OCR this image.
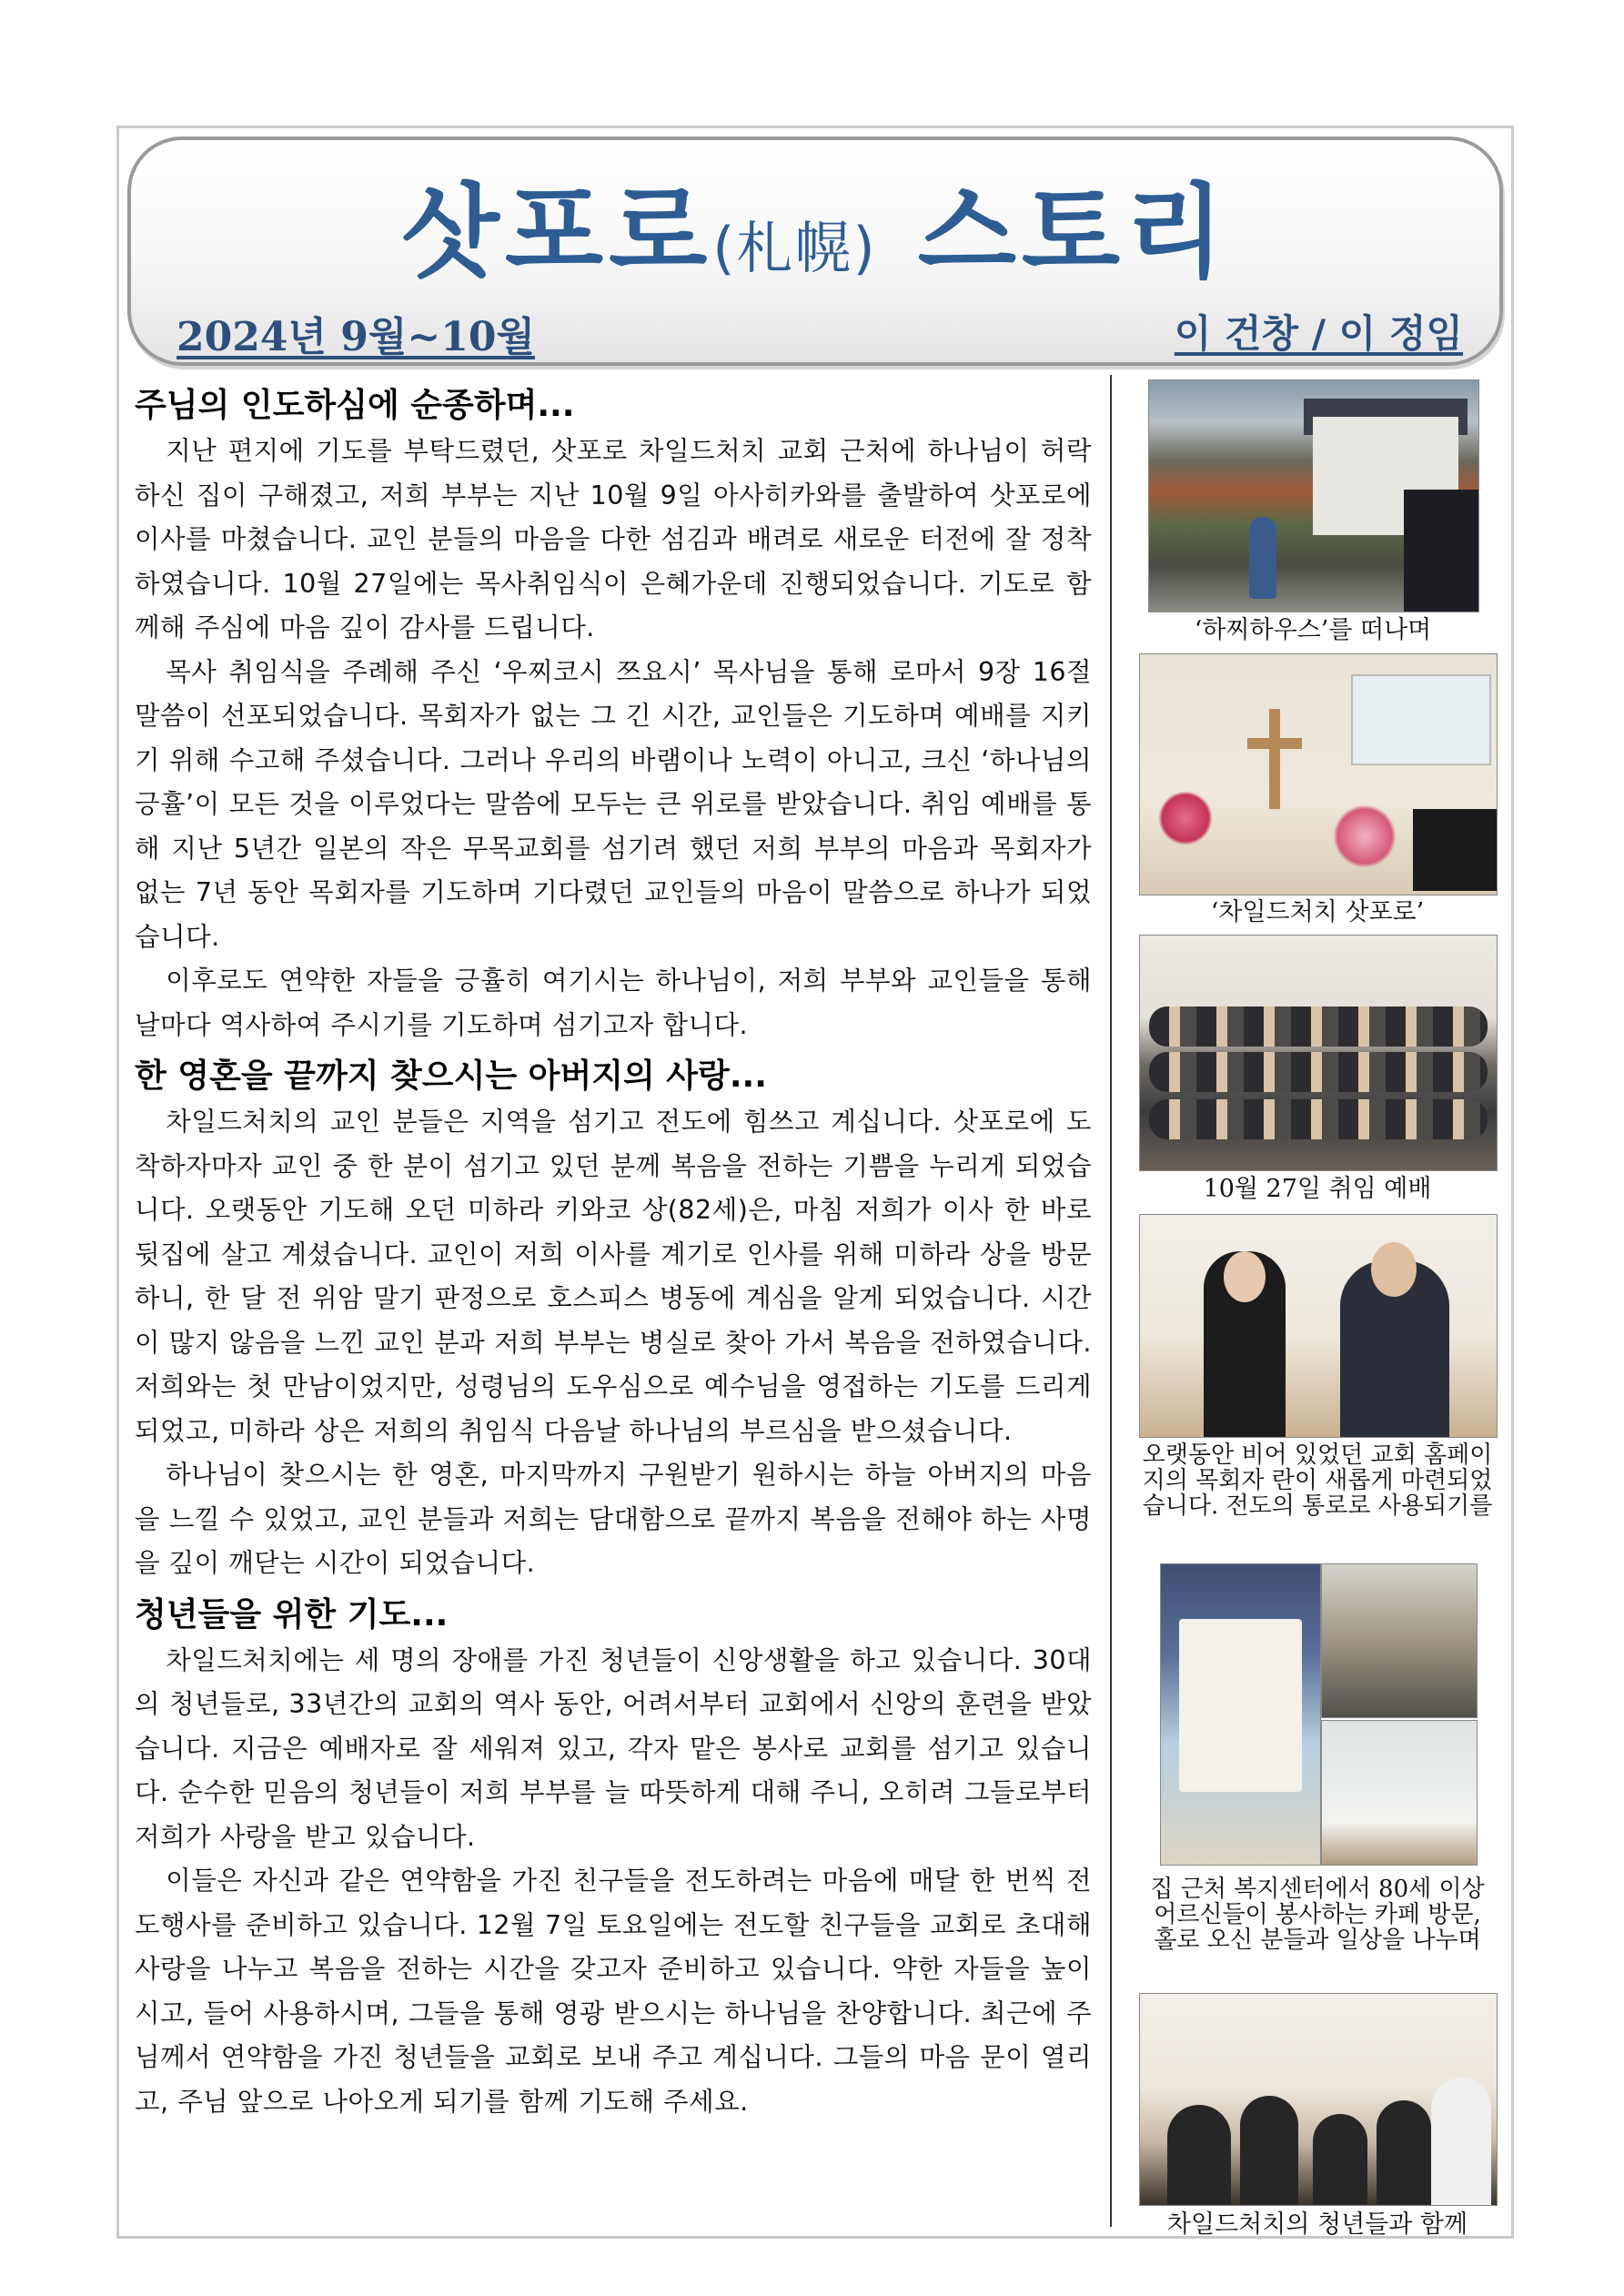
삿포로(札幌) 스토리
2024년 9월~10월	이 건창 / 이 정임
주님의 인도하심에 순종하며...

지난 편지에 기도를 부탁드렸던, 삿포로 차일드처치 교회 근처에 하나님이 허락하신 집이 구해졌고, 저희 부부는 지난 10월 9일 아사히카와를 출발하여 삿포로에 이사를 마쳤습니다. 교인 분들의 마음을 다한 섬김과 배려로 새로운 터전에 잘 정착하였습니다. 10월 27일에는 목사취임식이 은혜가운데 진행되었습니다. 기도로 함께해 주심에 마음 깊이 감사를 드립니다.

목사 취임식을 주례해 주신 ‘우찌코시 쯔요시’ 목사님을 통해 로마서 9장 16절 말씀이 선포되었습니다. 목회자가 없는 그 긴 시간, 교인들은 기도하며 예배를 지키기 위해 수고해 주셨습니다. 그러나 우리의 바램이나 노력이 아니고, 크신 ‘하나님의 긍휼’이 모든 것을 이루었다는 말씀에 모두는 큰 위로를 받았습니다. 취임 예배를 통해 지난 5년간 일본의 작은 무목교회를 섬기려 했던 저희 부부의 마음과 목회자가 없는 7년 동안 목회자를 기도하며 기다렸던 교인들의 마음이 말씀으로 하나가 되었습니다.

이후로도 연약한 자들을 긍휼히 여기시는 하나님이, 저희 부부와 교인들을 통해 날마다 역사하여 주시기를 기도하며 섬기고자 합니다.

한 영혼을 끝까지 찾으시는 아버지의 사랑...

차일드처치의 교인 분들은 지역을 섬기고 전도에 힘쓰고 계십니다. 삿포로에 도착하자마자 교인 중 한 분이 섬기고 있던 분께 복음을 전하는 기쁨을 누리게 되었습니다. 오랫동안 기도해 오던 미하라 키와코 상(82세)은, 마침 저희가 이사 한 바로 뒷집에 살고 계셨습니다. 교인이 저희 이사를 계기로 인사를 위해 미하라 상을 방문하니, 한 달 전 위암 말기 판정으로 호스피스 병동에 계심을 알게 되었습니다. 시간이 많지 않음을 느낀 교인 분과 저희 부부는 병실로 찾아 가서 복음을 전하였습니다. 저희와는 첫 만남이었지만, 성령님의 도우심으로 예수님을 영접하는 기도를 드리게 되었고, 미하라 상은 저희의 취임식 다음날 하나님의 부르심을 받으셨습니다.

하나님이 찾으시는 한 영혼, 마지막까지 구원받기 원하시는 하늘 아버지의 마음을 느낄 수 있었고, 교인 분들과 저희는 담대함으로 끝까지 복음을 전해야 하는 사명을 깊이 깨닫는 시간이 되었습니다.

청년들을 위한 기도...

차일드처치에는 세 명의 장애를 가진 청년들이 신앙생활을 하고 있습니다. 30대의 청년들로, 33년간의 교회의 역사 동안, 어려서부터 교회에서 신앙의 훈련을 받았습니다. 지금은 예배자로 잘 세워져 있고, 각자 맡은 봉사로 교회를 섬기고 있습니다. 순수한 믿음의 청년들이 저희 부부를 늘 따뜻하게 대해 주니, 오히려 그들로부터 저희가 사랑을 받고 있습니다.

이들은 자신과 같은 연약함을 가진 친구들을 전도하려는 마음에 매달 한 번씩 전도행사를 준비하고 있습니다. 12월 7일 토요일에는 전도할 친구들을 교회로 초대해 사랑을 나누고 복음을 전하는 시간을 갖고자 준비하고 있습니다. 약한 자들을 높이시고, 들어 사용하시며, 그들을 통해 영광 받으시는 하나님을 찬양합니다. 최근에 주님께서 연약함을 가진 청년들을 교회로 보내 주고 계십니다. 그들의 마음 문이 열리고, 주님 앞으로 나아오게 되기를 함께 기도해 주세요.

‘하찌하우스’를 떠나며
‘차일드처치 삿포로’
10월 27일 취임 예배
오랫동안 비어 있었던 교회 홈페이지의 목회자 란이 새롭게 마련되었습니다. 전도의 통로로 사용되기를
집 근처 복지센터에서 80세 이상 어르신들이 봉사하는 카페 방문, 홀로 오신 분들과 일상을 나누며
차일드처치의 청년들과 함께
